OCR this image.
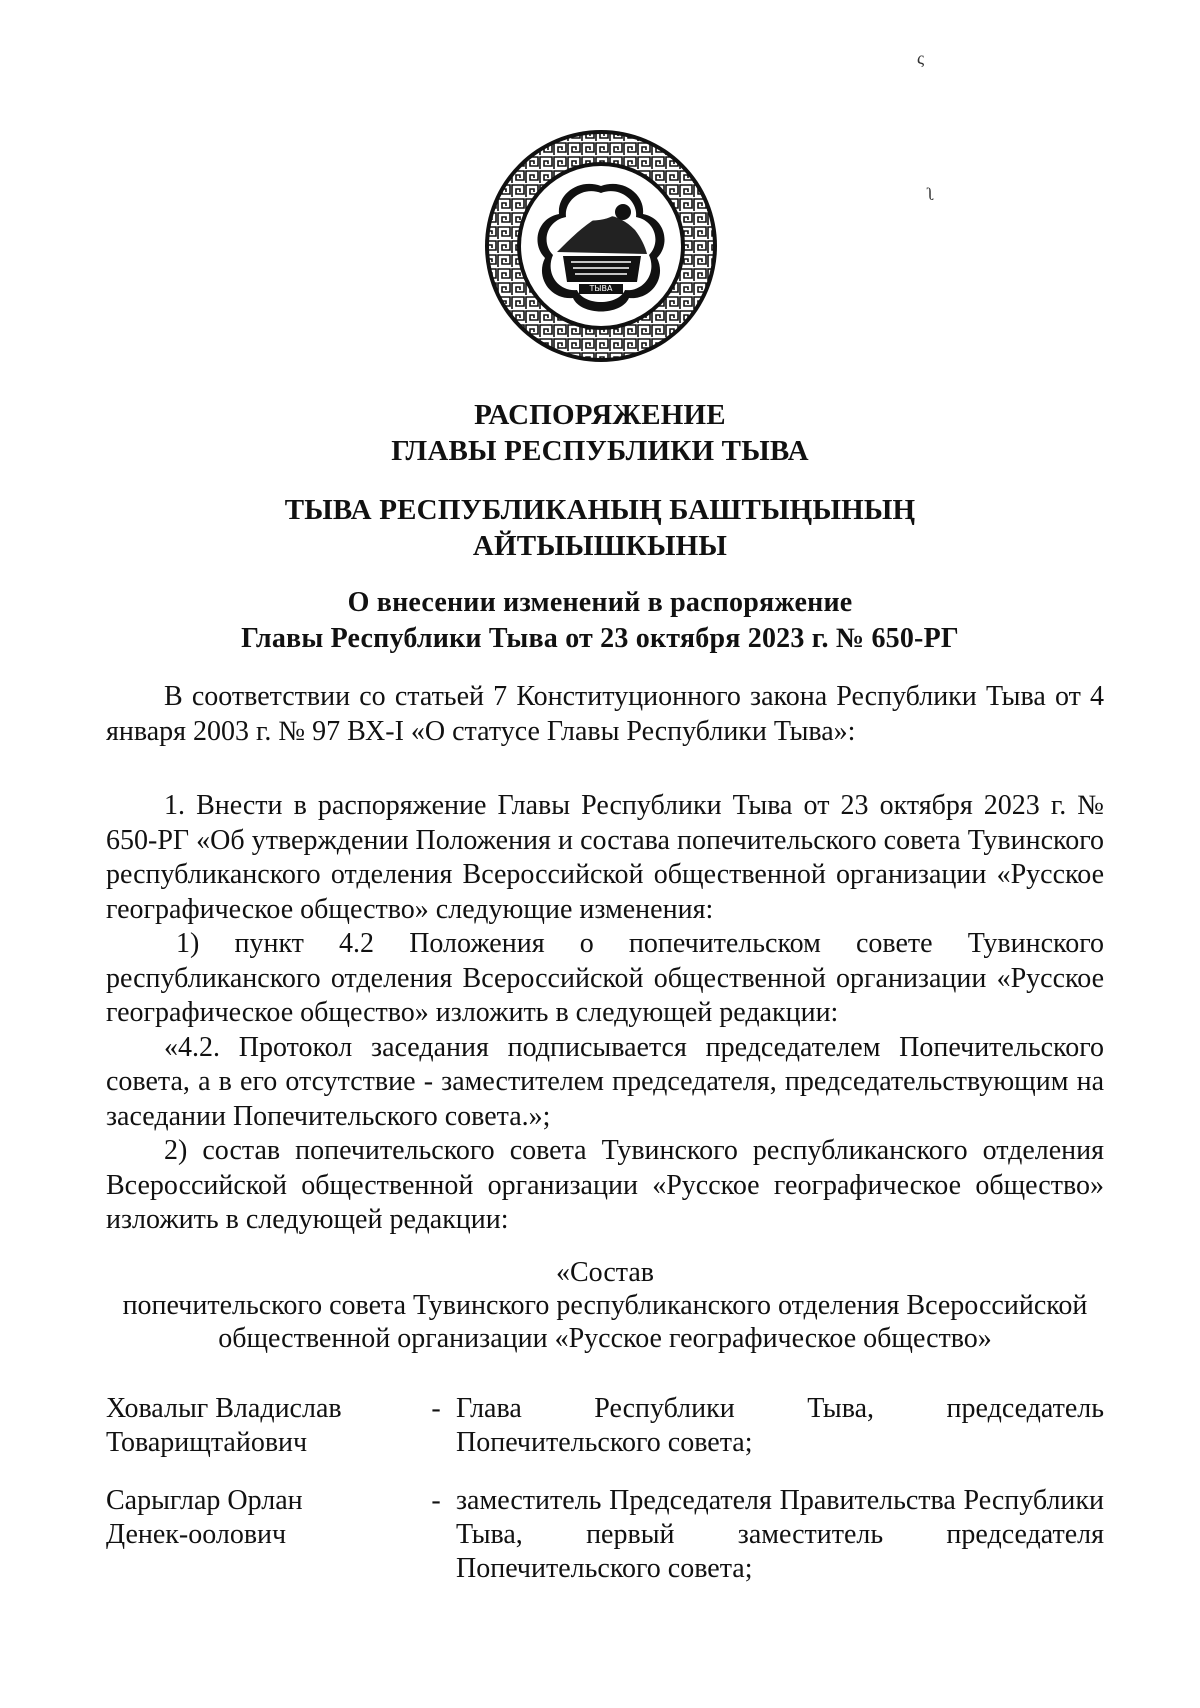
ς
ʅ
ТЫВА
РАСПОРЯЖЕНИЕ
ГЛАВЫ РЕСПУБЛИКИ ТЫВА
ТЫВА РЕСПУБЛИКАНЫҢ БАШТЫҢЫНЫҢ
АЙТЫЫШКЫНЫ
О внесении изменений в распоряжение
Главы Республики Тыва от 23 октября 2023 г. № 650-РГ

В соответствии со статьей 7 Конституционного закона Республики Тыва от 4 января 2003 г. № 97 ВХ-I «О статусе Главы Республики Тыва»:

1. Внести в распоряжение Главы Республики Тыва от 23 октября 2023 г. № 650-РГ «Об утверждении Положения и состава попечительского совета Тувинского республиканского отделения Всероссийской общественной организации «Русское географическое общество» следующие изменения:

1) пункт 4.2 Положения о попечительском совете Тувинского республиканского отделения Всероссийской общественной организации «Русское географическое общество» изложить в следующей редакции:

«4.2. Протокол заседания подписывается председателем Попечительского совета, а в его отсутствие - заместителем председателя, председательствующим на заседании Попечительского совета.»;

2) состав попечительского совета Тувинского республиканского отделения Всероссийской общественной организации «Русское географическое общество» изложить в следующей редакции:

«Состав
попечительского совета Тувинского республиканского отделения Всероссийской
общественной организации «Русское географическое общество»
Ховалыг Владислав
Товарищтайович
- Глава Республики Тыва, председатель Попечительского совета;
Сарыглар Орлан
Денек-оолович
- заместитель Председателя Правительства Республики Тыва, первый заместитель председателя Попечительского совета;
